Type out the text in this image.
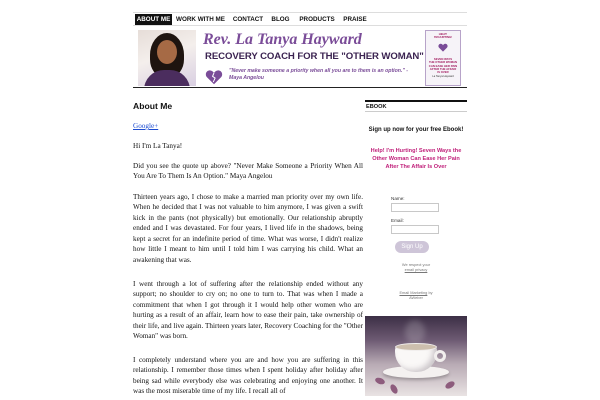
ABOUT ME WORK WITH ME CONTACT	BLOG	PRODUCTS	PRAISE
Rev. La Tanya Hayward
RECOVERY COACH FOR THE "OTHER WOMAN"
"Never make someone a priority when all you are to them is an option." - Maya Angelou
HELP!
I'M HURTING!
SEVEN WAYS
THE OTHER WOMAN
CAN EASE HER PAIN
AFTER THE AFFAIR
IS OVER
La Tanya Hayward
About Me
Google+

Hi I'm La Tanya!

Did you see the quote up above? "Never Make Someone a Priority When All You Are To Them Is An Option." Maya Angelou

Thirteen years ago, I chose to make a married man priority over my own life. When he decided that I was not valuable to him anymore, I was given a swift kick in the pants (not physically) but emotionally. Our relationship abruptly ended and I was devastated. For four years, I lived life in the shadows, being kept a secret for an indefinite period of time. What was worse, I didn't realize how little I meant to him until I told him I was carrying his child. What an awakening that was.

I went through a lot of suffering after the relationship ended without any support; no shoulder to cry on; no one to turn to. That was when I made a commitment that when I got through it I would help other women who are hurting as a result of an affair, learn how to ease their pain, take ownership of their life, and live again. Thirteen years later, Recovery Coaching for the "Other Woman" was born.

I completely understand where you are and how you are suffering in this relationship. I remember those times when I spent holiday after holiday after being sad while everybody else was celebrating and enjoying one another. It was the most miserable time of my life. I recall all of

EBOOK
Sign up now for your free Ebook!
Help! I'm Hurting! Seven Ways the Other Woman Can Ease Her Pain After The Affair Is Over
Name:
Email:
Sign Up
We respect your
email privacy
Email Marketing by
AWeber
